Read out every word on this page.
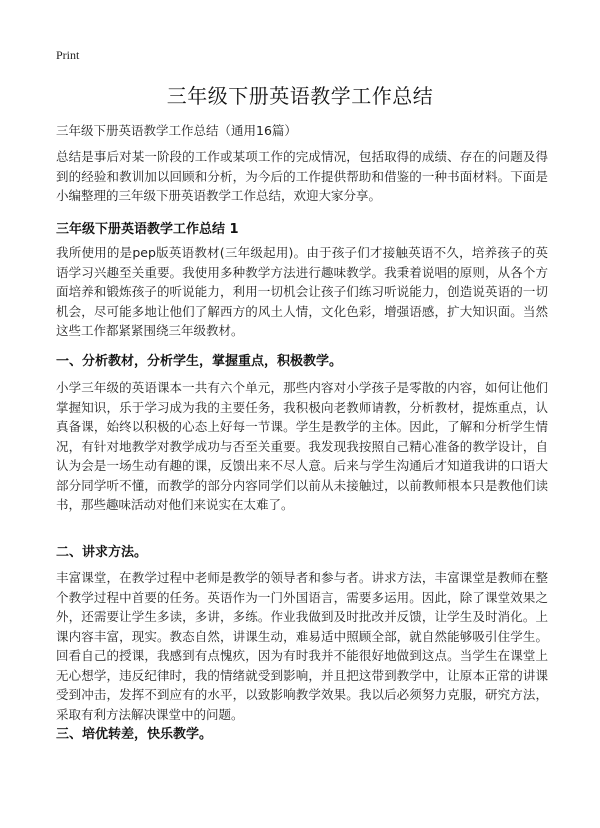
Print
三年级下册英语教学工作总结
三年级下册英语教学工作总结（通用16篇）

总结是事后对某一阶段的工作或某项工作的完成情况，包括取得的成绩、存在的问题及得到的经验和教训加以回顾和分析，为今后的工作提供帮助和借鉴的一种书面材料。下面是小编整理的三年级下册英语教学工作总结，欢迎大家分享。

三年级下册英语教学工作总结 1

我所使用的是pep版英语教材(三年级起用)。由于孩子们才接触英语不久，培养孩子的英语学习兴趣至关重要。我使用多种教学方法进行趣味教学。我秉着说唱的原则，从各个方面培养和锻炼孩子的听说能力，利用一切机会让孩子们练习听说能力，创造说英语的一切机会，尽可能多地让他们了解西方的风土人情，文化色彩，增强语感，扩大知识面。当然这些工作都紧紧围绕三年级教材。

一、分析教材，分析学生，掌握重点，积极教学。

小学三年级的英语课本一共有六个单元，那些内容对小学孩子是零散的内容，如何让他们掌握知识，乐于学习成为我的主要任务，我积极向老教师请教，分析教材，提炼重点，认真备课，始终以积极的心态上好每一节课。学生是教学的主体。因此，了解和分析学生情况，有针对地教学对教学成功与否至关重要。我发现我按照自己精心准备的教学设计，自认为会是一场生动有趣的课，反馈出来不尽人意。后来与学生沟通后才知道我讲的口语大部分同学听不懂，而教学的部分内容同学们以前从未接触过，以前教师根本只是教他们读书，那些趣味活动对他们来说实在太难了。

二、讲求方法。

丰富课堂，在教学过程中老师是教学的领导者和参与者。讲求方法，丰富课堂是教师在整个教学过程中首要的任务。英语作为一门外国语言，需要多运用。因此，除了课堂效果之外，还需要让学生多读，多讲，多练。作业我做到及时批改并反馈，让学生及时消化。上课内容丰富，现实。教态自然，讲课生动，难易适中照顾全部，就自然能够吸引住学生。回看自己的授课，我感到有点愧疚，因为有时我并不能很好地做到这点。当学生在课堂上无心想学，违反纪律时，我的情绪就受到影响，并且把这带到教学中，让原本正常的讲课受到冲击，发挥不到应有的水平，以致影响教学效果。我以后必须努力克服，研究方法，采取有利方法解决课堂中的问题。

三、培优转差，快乐教学。
